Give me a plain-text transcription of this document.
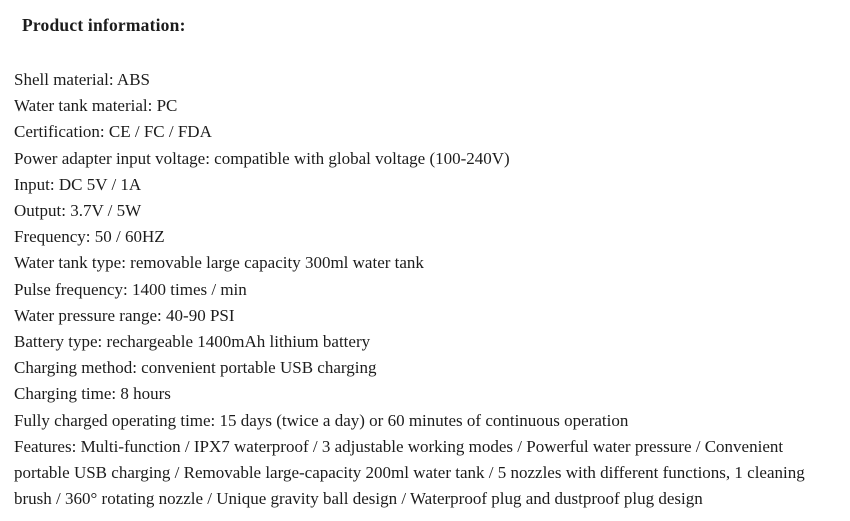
Product information:

Shell material: ABS

Water tank material: PC

Certification: CE / FC / FDA

Power adapter input voltage: compatible with global voltage (100-240V)

Input: DC 5V / 1A

Output: 3.7V / 5W

Frequency: 50 / 60HZ

Water tank type: removable large capacity 300ml water tank

Pulse frequency: 1400 times / min

Water pressure range: 40-90 PSI

Battery type: rechargeable 1400mAh lithium battery

Charging method: convenient portable USB charging

Charging time: 8 hours

Fully charged operating time: 15 days (twice a day) or 60 minutes of continuous operation

Features: Multi-function / IPX7 waterproof / 3 adjustable working modes / Powerful water pressure / Convenient portable USB charging / Removable large-capacity 200ml water tank / 5 nozzles with different functions, 1 cleaning brush / 360° rotating nozzle / Unique gravity ball design / Waterproof plug and dustproof plug design
